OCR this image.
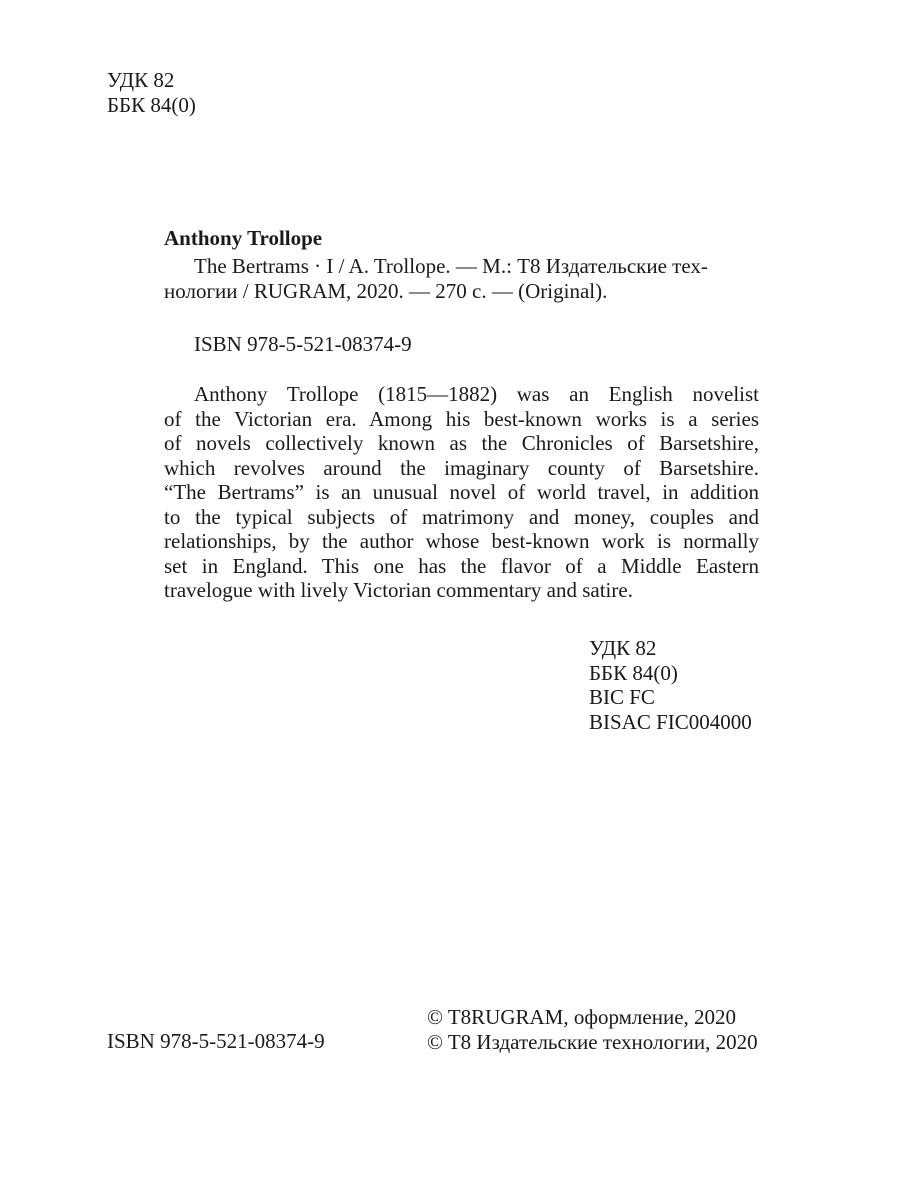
УДК 82
ББК 84(0)
Anthony Trollope
The Bertrams · I / A. Trollope. — М.: T8 Издательские тех-
нологии / RUGRAM, 2020. — 270 с. — (Original).
ISBN 978-5-521-08374-9
Anthony Trollope (1815—1882) was an English novelist
of the Victorian era. Among his best-known works is a series
of novels collectively known as the Chronicles of Barsetshire,
which revolves around the imaginary county of Barsetshire.
“The Bertrams” is an unusual novel of world travel, in addition
to the typical subjects of matrimony and money, couples and
relationships, by the author whose best-known work is normally
set in England. This one has the flavor of a Middle Eastern
travelogue with lively Victorian commentary and satire.
УДК 82
ББК 84(0)
BIC FC
BISAC FIC004000
© T8RUGRAM, оформление, 2020
© T8 Издательские технологии, 2020
ISBN 978-5-521-08374-9
